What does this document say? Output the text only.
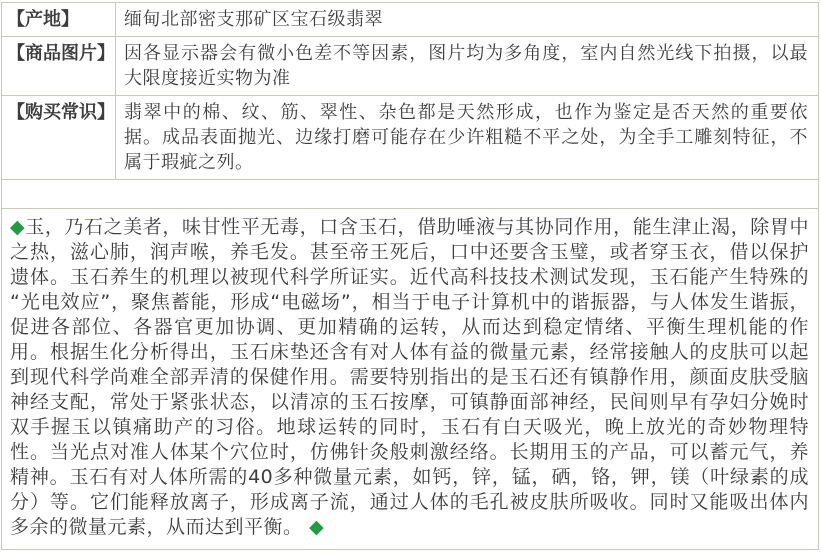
【产地】	缅甸北部密支那矿区宝石级翡翠
【商品图片】 因各显示器会有微小色差不等因素，图片均为多角度，室内自然光线下拍摄，以最大限度接近实物为准
【购买常识】 翡翠中的棉、纹、筋、翠性、杂色都是天然形成，也作为鉴定是否天然的重要依据。成品表面抛光、边缘打磨可能存在少许粗糙不平之处，为全手工雕刻特征，不属于瑕疵之列。
◆玉，乃石之美者，味甘性平无毒，口含玉石，借助唾液与其协同作用，能生津止渴，除胃中之热，滋心肺，润声喉，养毛发。甚至帝王死后，口中还要含玉璧，或者穿玉衣，借以保护遗体。玉石养生的机理以被现代科学所证实。近代高科技技术测试发现，玉石能产生特殊的“光电效应”，聚焦蓄能，形成“电磁场”，相当于电子计算机中的谐振器，与人体发生谐振，促进各部位、各器官更加协调、更加精确的运转，从而达到稳定情绪、平衡生理机能的作用。根据生化分析得出，玉石床垫还含有对人体有益的微量元素，经常接触人的皮肤可以起到现代科学尚难全部弄清的保健作用。需要特别指出的是玉石还有镇静作用，颜面皮肤受脑神经支配，常处于紧张状态，以清凉的玉石按摩，可镇静面部神经，民间则早有孕妇分娩时双手握玉以镇痛助产的习俗。地球运转的同时，玉石有白天吸光，晚上放光的奇妙物理特性。当光点对准人体某个穴位时，仿佛针灸般刺激经络。长期用玉的产品，可以蓄元气，养精神。玉石有对人体所需的40多种微量元素，如钙，锌，锰，硒，铬，钾，镁（叶绿素的成分）等。它们能释放离子，形成离子流，通过人体的毛孔被皮肤所吸收。同时又能吸出体内多余的微量元素，从而达到平衡。 ◆
